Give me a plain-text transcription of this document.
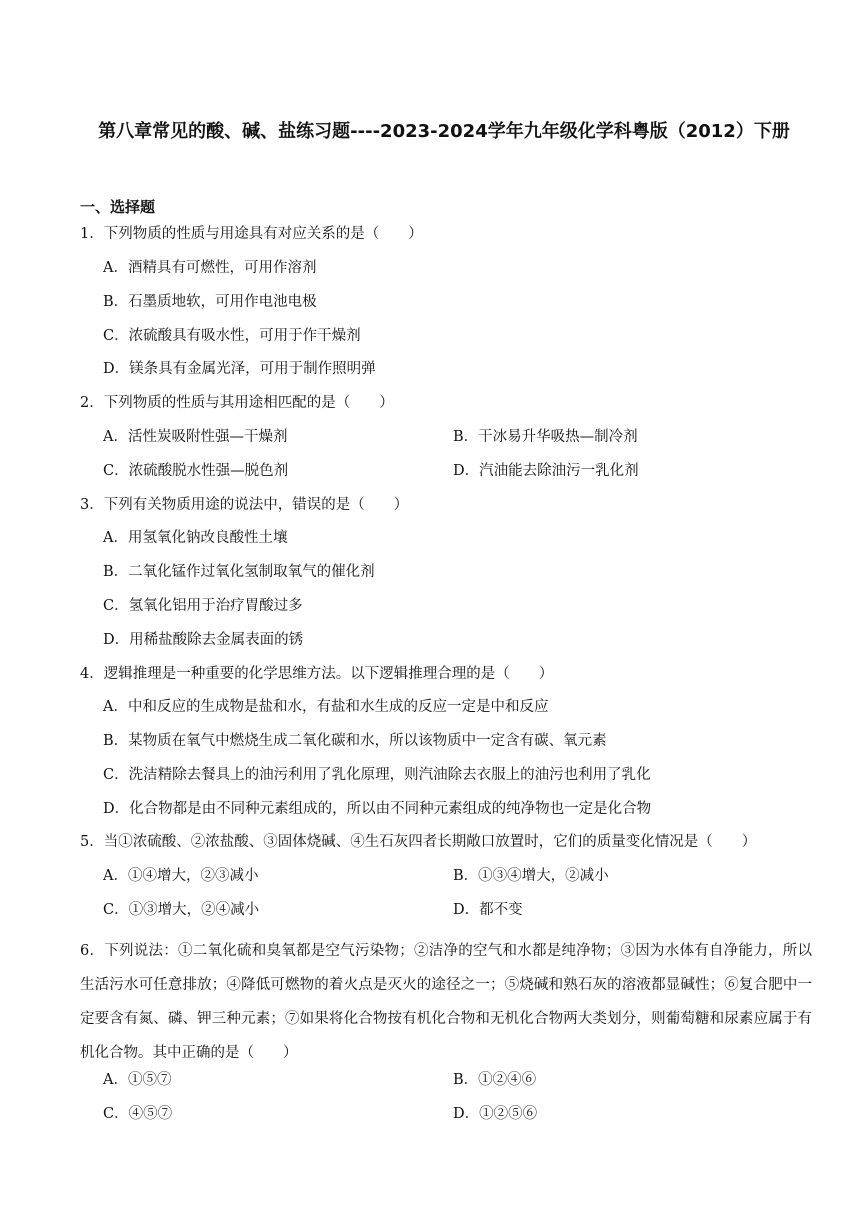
第八章常见的酸、碱、盐练习题----2023-2024学年九年级化学科粤版（2012）下册
一、选择题
1．下列物质的性质与用途具有对应关系的是（　　）
A．酒精具有可燃性，可用作溶剂
B．石墨质地软，可用作电池电极
C．浓硫酸具有吸水性，可用于作干燥剂
D．镁条具有金属光泽，可用于制作照明弹
2．下列物质的性质与其用途相匹配的是（　　）
A．活性炭吸附性强—干燥剂	B．干冰易升华吸热—制冷剂
C．浓硫酸脱水性强—脱色剂	D．汽油能去除油污一乳化剂
3．下列有关物质用途的说法中，错误的是（　　）
A．用氢氧化钠改良酸性土壤
B．二氧化锰作过氧化氢制取氧气的催化剂
C．氢氧化铝用于治疗胃酸过多
D．用稀盐酸除去金属表面的锈
4．逻辑推理是一种重要的化学思维方法。以下逻辑推理合理的是（　　）
A．中和反应的生成物是盐和水，有盐和水生成的反应一定是中和反应
B．某物质在氧气中燃烧生成二氧化碳和水，所以该物质中一定含有碳、氧元素
C．洗洁精除去餐具上的油污利用了乳化原理，则汽油除去衣服上的油污也利用了乳化
D．化合物都是由不同种元素组成的，所以由不同种元素组成的纯净物也一定是化合物
5．当①浓硫酸、②浓盐酸、③固体烧碱、④生石灰四者长期敞口放置时，它们的质量变化情况是（　　）
A．①④增大，②③减小	B．①③④增大，②减小
C．①③增大，②④减小	D．都不变

6．下列说法：①二氧化硫和臭氧都是空气污染物；②洁净的空气和水都是纯净物；③因为水体有自净能力，所以生活污水可任意排放；④降低可燃物的着火点是灭火的途径之一；⑤烧碱和熟石灰的溶液都显碱性；⑥复合肥中一定要含有氮、磷、钾三种元素；⑦如果将化合物按有机化合物和无机化合物两大类划分，则葡萄糖和尿素应属于有机化合物。其中正确的是（　　）

A．①⑤⑦	B．①②④⑥
C．④⑤⑦	D．①②⑤⑥
